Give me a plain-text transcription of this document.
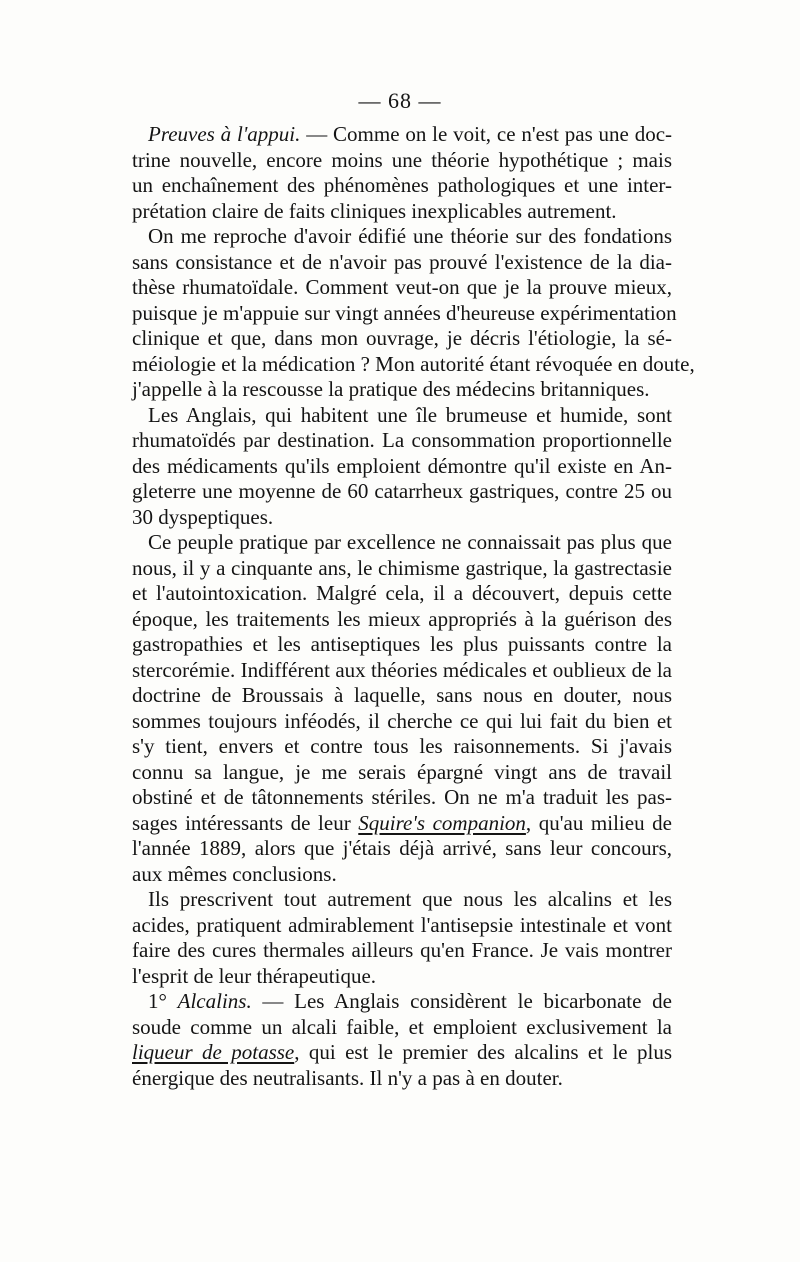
— 68 —
Preuves à l'appui. — Comme on le voit, ce n'est pas une doc-
trine nouvelle, encore moins une théorie hypothétique ; mais
un enchaînement des phénomènes pathologiques et une inter-
prétation claire de faits cliniques inexplicables autrement.
On me reproche d'avoir édifié une théorie sur des fondations
sans consistance et de n'avoir pas prouvé l'existence de la dia-
thèse rhumatoïdale. Comment veut-on que je la prouve mieux,
puisque je m'appuie sur vingt années d'heureuse expérimentation
clinique et que, dans mon ouvrage, je décris l'étiologie, la sé-
méiologie et la médication ? Mon autorité étant révoquée en doute,
j'appelle à la rescousse la pratique des médecins britanniques.
Les Anglais, qui habitent une île brumeuse et humide, sont
rhumatoïdés par destination. La consommation proportionnelle
des médicaments qu'ils emploient démontre qu'il existe en An-
gleterre une moyenne de 60 catarrheux gastriques, contre 25 ou
30 dyspeptiques.
Ce peuple pratique par excellence ne connaissait pas plus que
nous, il y a cinquante ans, le chimisme gastrique, la gastrectasie
et l'autointoxication. Malgré cela, il a découvert, depuis cette
époque, les traitements les mieux appropriés à la guérison des
gastropathies et les antiseptiques les plus puissants contre la
stercorémie. Indifférent aux théories médicales et oublieux de la
doctrine de Broussais à laquelle, sans nous en douter, nous
sommes toujours inféodés, il cherche ce qui lui fait du bien et
s'y tient, envers et contre tous les raisonnements. Si j'avais
connu sa langue, je me serais épargné vingt ans de travail
obstiné et de tâtonnements stériles. On ne m'a traduit les pas-
sages intéressants de leur Squire's companion, qu'au milieu de
l'année 1889, alors que j'étais déjà arrivé, sans leur concours,
aux mêmes conclusions.
Ils prescrivent tout autrement que nous les alcalins et les
acides, pratiquent admirablement l'antisepsie intestinale et vont
faire des cures thermales ailleurs qu'en France. Je vais montrer
l'esprit de leur thérapeutique.
1° Alcalins. — Les Anglais considèrent le bicarbonate de
soude comme un alcali faible, et emploient exclusivement la
liqueur de potasse, qui est le premier des alcalins et le plus
énergique des neutralisants. Il n'y a pas à en douter.
